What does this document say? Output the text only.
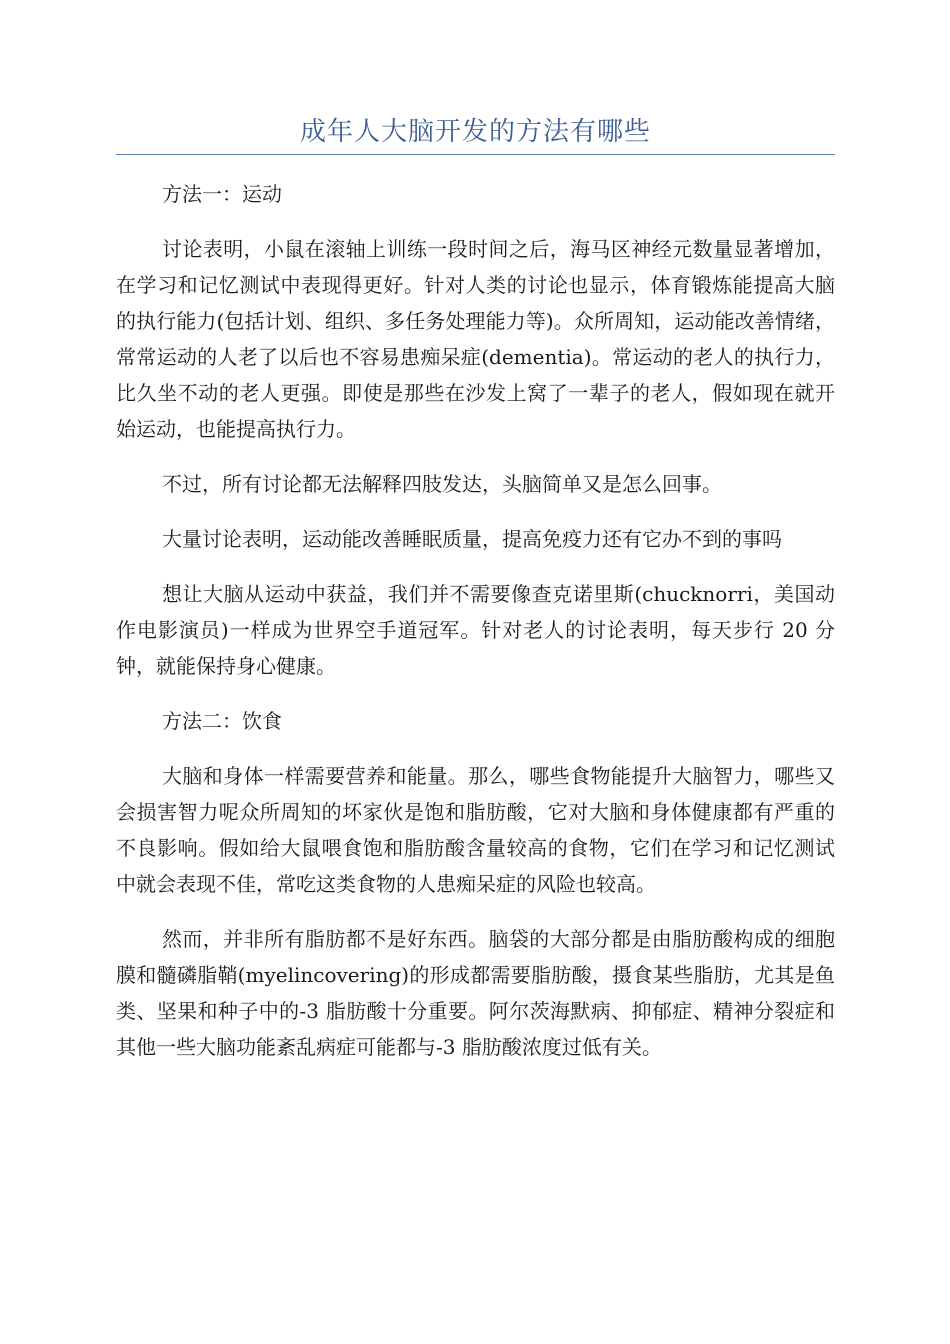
成年人大脑开发的方法有哪些

方法一：运动

讨论表明，小鼠在滚轴上训练一段时间之后，海马区神经元数量显著增加，在学习和记忆测试中表现得更好。针对人类的讨论也显示，体育锻炼能提高大脑的执行能力(包括计划、组织、多任务处理能力等)。众所周知，运动能改善情绪，常常运动的人老了以后也不容易患痴呆症(dementia)。常运动的老人的执行力，比久坐不动的老人更强。即使是那些在沙发上窝了一辈子的老人，假如现在就开始运动，也能提高执行力。

不过，所有讨论都无法解释四肢发达，头脑简单又是怎么回事。

大量讨论表明，运动能改善睡眠质量，提高免疫力还有它办不到的事吗

想让大脑从运动中获益，我们并不需要像查克诺里斯(chucknorri，美国动作电影演员)一样成为世界空手道冠军。针对老人的讨论表明，每天步行 20 分钟，就能保持身心健康。

方法二：饮食

大脑和身体一样需要营养和能量。那么，哪些食物能提升大脑智力，哪些又会损害智力呢众所周知的坏家伙是饱和脂肪酸，它对大脑和身体健康都有严重的不良影响。假如给大鼠喂食饱和脂肪酸含量较高的食物，它们在学习和记忆测试中就会表现不佳，常吃这类食物的人患痴呆症的风险也较高。

然而，并非所有脂肪都不是好东西。脑袋的大部分都是由脂肪酸构成的细胞膜和髓磷脂鞘(myelincovering)的形成都需要脂肪酸，摄食某些脂肪，尤其是鱼类、坚果和种子中的-3 脂肪酸十分重要。阿尔茨海默病、抑郁症、精神分裂症和其他一些大脑功能紊乱病症可能都与-3 脂肪酸浓度过低有关。
